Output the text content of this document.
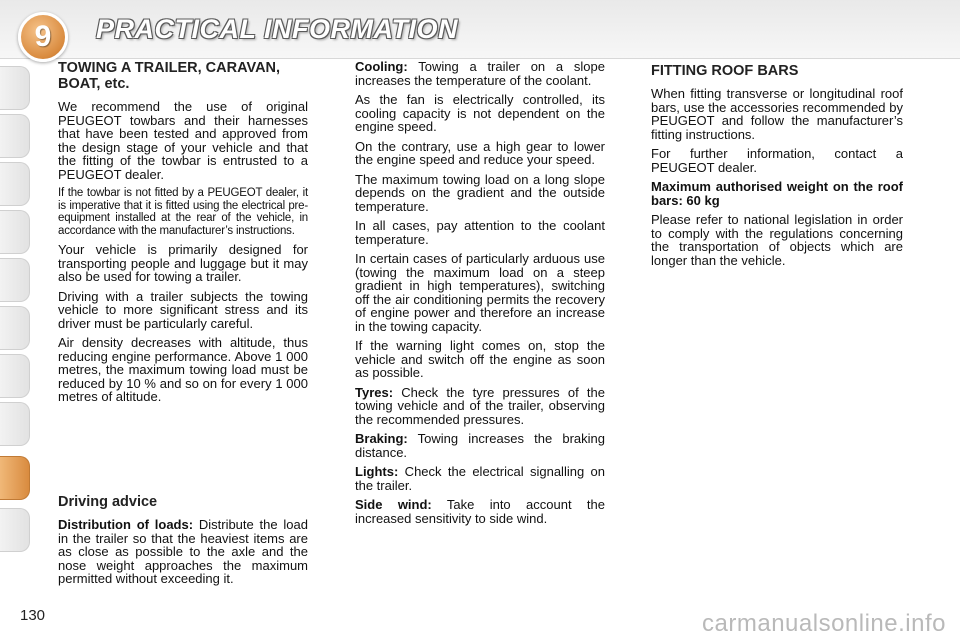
9	PRACTICAL INFORMATION
TOWING A TRAILER, CARAVAN, BOAT, etc.

We recommend the use of original PEUGEOT towbars and their harnesses that have been tested and approved from the design stage of your vehicle and that the fitting of the towbar is entrusted to a PEUGEOT dealer.

If the towbar is not fitted by a PEUGEOT dealer, it is imperative that it is fitted using the electrical pre-equipment installed at the rear of the vehicle, in accordance with the manufacturer’s instructions.

Your vehicle is primarily designed for transporting people and luggage but it may also be used for towing a trailer.

Driving with a trailer subjects the towing vehicle to more significant stress and its driver must be particularly careful.

Air density decreases with altitude, thus reducing engine performance. Above 1 000 metres, the maximum towing load must be reduced by 10 % and so on for every 1 000 metres of altitude.

Driving advice

Distribution of loads: Distribute the load in the trailer so that the heaviest items are as close as possible to the axle and the nose weight approaches the maximum permitted without exceeding it.

Cooling: Towing a trailer on a slope increases the temperature of the coolant.

As the fan is electrically controlled, its cooling capacity is not dependent on the engine speed.

On the contrary, use a high gear to lower the engine speed and reduce your speed.

The maximum towing load on a long slope depends on the gradient and the outside temperature.

In all cases, pay attention to the coolant temperature.

In certain cases of particularly arduous use (towing the maximum load on a steep gradient in high temperatures), switching off the air conditioning permits the recovery of engine power and therefore an increase in the towing capacity.

If the warning light comes on, stop the vehicle and switch off the engine as soon as possible.

Tyres: Check the tyre pressures of the towing vehicle and of the trailer, observing the recommended pressures.

Braking: Towing increases the braking distance.

Lights: Check the electrical signalling on the trailer.

Side wind: Take into account the increased sensitivity to side wind.

FITTING ROOF BARS

When fitting transverse or longitudinal roof bars, use the accessories recommended by PEUGEOT and follow the manufacturer’s fitting instructions.

For further information, contact a PEUGEOT dealer.

Maximum authorised weight on the roof bars: 60 kg

Please refer to national legislation in order to comply with the regulations concerning the transportation of objects which are longer than the vehicle.

130	carmanualsonline.info
